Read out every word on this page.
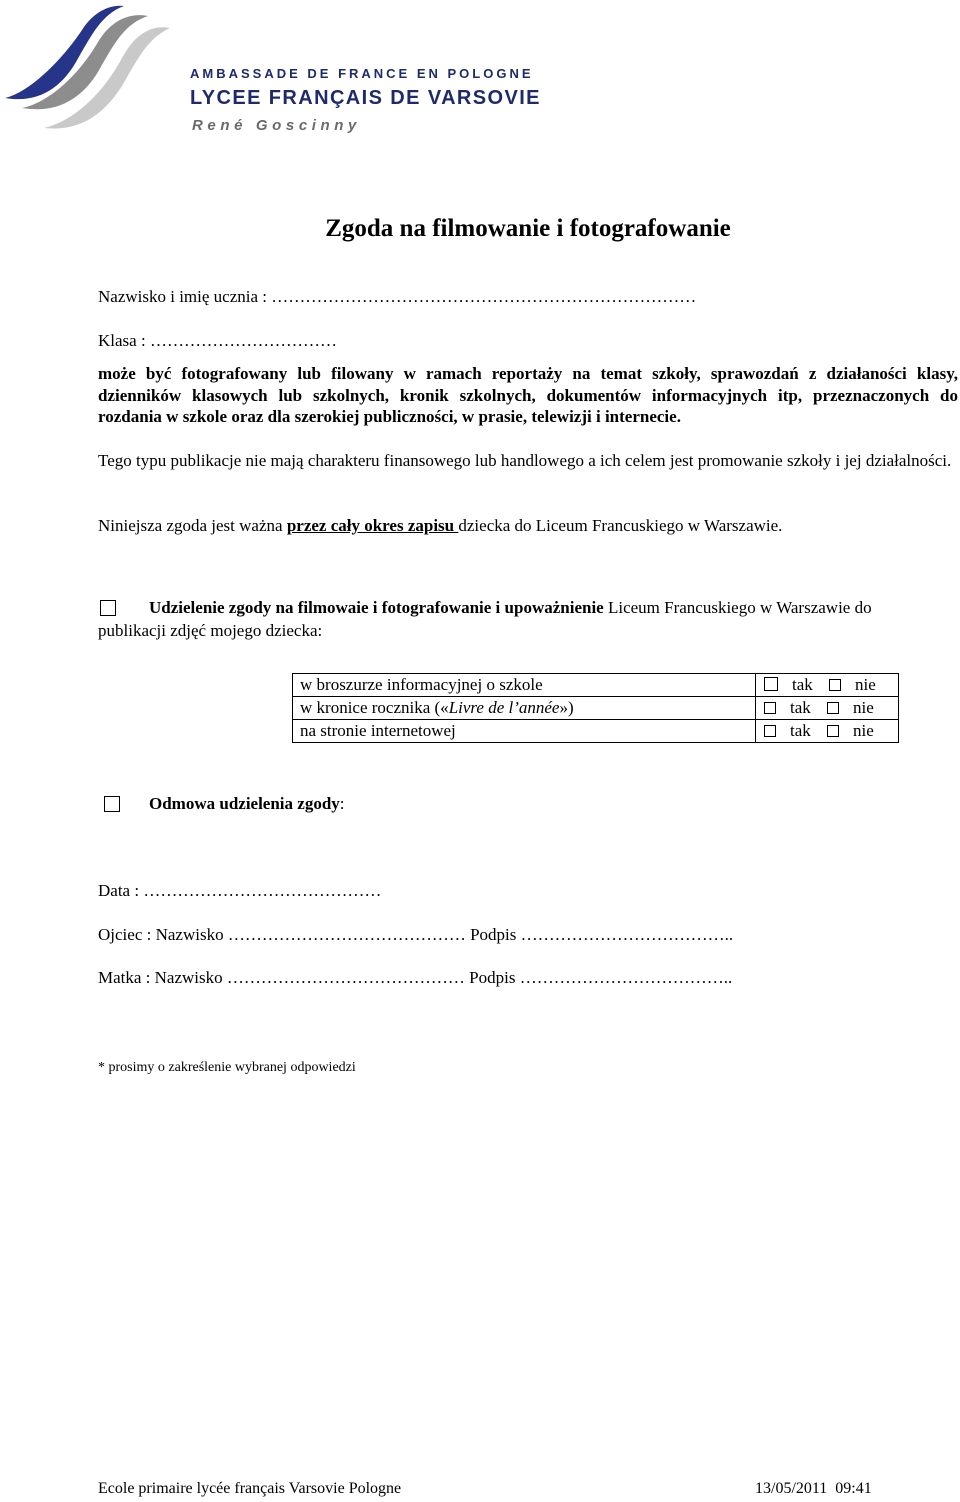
AMBASSADE DE FRANCE EN POLOGNE
LYCEE FRANÇAIS DE VARSOVIE
René Goscinny
Zgoda na filmowanie i fotografowanie
Nazwisko i imię ucznia : …………………………………………………………………
Klasa : ……………………………
może być fotografowany lub filowany w ramach reportaży na temat szkoły, sprawozdań z działaności klasy, dzienników klasowych lub szkolnych, kronik szkolnych, dokumentów informacyjnych itp, przeznaczonych do rozdania w szkole oraz dla szerokiej publiczności, w prasie, telewizji i internecie.
Tego typu publikacje nie mają charakteru finansowego lub handlowego a ich celem jest promowanie szkoły i jej działalności.
Niniejsza zgoda jest ważna przez cały okres zapisu dziecka do Liceum Francuskiego w Warszawie.
Udzielenie zgody na filmowaie i fotografowanie i upoważnienie Liceum Francuskiego w Warszawie do
publikacji zdjęć mojego dziecka:
w broszurze informacyjnej o szkole	tak nie
w kronice rocznika («Livre de l’année»)	tak nie
na stronie internetowej	tak nie
Odmowa udzielenia zgody:
Data : ……………………………………
Ojciec : Nazwisko …………………………………… Podpis ………………………………..
Matka : Nazwisko …………………………………… Podpis ………………………………..
* prosimy o zakreślenie wybranej odpowiedzi
Ecole primaire lycée français Varsovie Pologne	13/05/2011  09:41
